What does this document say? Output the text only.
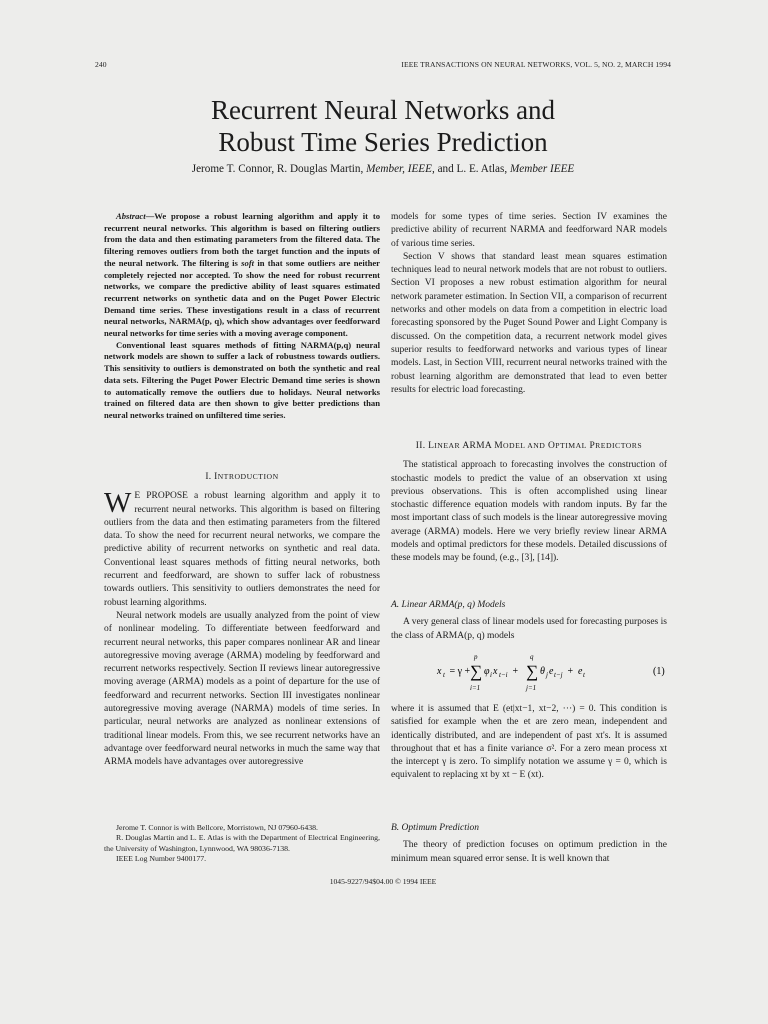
240	IEEE TRANSACTIONS ON NEURAL NETWORKS, VOL. 5, NO. 2, MARCH 1994
Recurrent Neural Networks and
Robust Time Series Prediction
Jerome T. Connor, R. Douglas Martin, Member, IEEE, and L. E. Atlas, Member IEEE

Abstract—We propose a robust learning algorithm and apply it to recurrent neural networks. This algorithm is based on filtering outliers from the data and then estimating parameters from the filtered data. The filtering removes outliers from both the target function and the inputs of the neural network. The filtering is soft in that some outliers are neither completely rejected nor accepted. To show the need for robust recurrent networks, we compare the predictive ability of least squares estimated recurrent networks on synthetic data and on the Puget Power Electric Demand time series. These investigations result in a class of recurrent neural networks, NARMA(p, q), which show advantages over feedforward neural networks for time series with a moving average component.

Conventional least squares methods of fitting NARMA(p,q) neural network models are shown to suffer a lack of robustness towards outliers. This sensitivity to outliers is demonstrated on both the synthetic and real data sets. Filtering the Puget Power Electric Demand time series is shown to automatically remove the outliers due to holidays. Neural networks trained on filtered data are then shown to give better predictions than neural networks trained on unfiltered time series.

I. INTRODUCTION

W E PROPOSE a robust learning algorithm and apply it to recurrent neural networks. This algorithm is based on filtering outliers from the data and then estimating parameters from the filtered data. To show the need for recurrent neural networks, we compare the predictive ability of recurrent networks on synthetic and real data. Conventional least squares methods of fitting neural networks, both recurrent and feedforward, are shown to suffer lack of robustness towards outliers. This sensitivity to outliers demonstrates the need for robust learning algorithms.

Neural network models are usually analyzed from the point of view of nonlinear modeling. To differentiate between feedforward and recurrent neural networks, this paper compares nonlinear AR and linear autoregressive moving average (ARMA) modeling by feedforward and recurrent networks respectively. Section II reviews linear autoregressive moving average (ARMA) models as a point of departure for the use of feedforward and recurrent networks. Section III investigates nonlinear autoregressive moving average (NARMA) models of time series. In particular, neural networks are analyzed as nonlinear extensions of traditional linear models. From this, we see recurrent networks have an advantage over feedforward neural networks in much the same way that ARMA models have advantages over autoregressive

Jerome T. Connor is with Bellcore, Morristown, NJ 07960-6438.

R. Douglas Martin and L. E. Atlas is with the Department of Electrical Engineering, the University of Washington, Lynnwood, WA 98036-7138.

IEEE Log Number 9400177.

models for some types of time series. Section IV examines the predictive ability of recurrent NARMA and feedforward NAR models of various time series.

Section V shows that standard least mean squares estimation techniques lead to neural network models that are not robust to outliers. Section VI proposes a new robust estimation algorithm for neural network parameter estimation. In Section VII, a comparison of recurrent networks and other models on data from a competition in electric load forecasting sponsored by the Puget Sound Power and Light Company is discussed. On the competition data, a recurrent network model gives superior results to feedforward networks and various types of linear models. Last, in Section VIII, recurrent neural networks trained with the robust learning algorithm are demonstrated that lead to even better results for electric load forecasting.

II. LINEAR ARMA MODEL AND OPTIMAL PREDICTORS

The statistical approach to forecasting involves the construction of stochastic models to predict the value of an observation xt using previous observations. This is often accomplished using linear stochastic difference equation models with random inputs. By far the most important class of such models is the linear autoregressive moving average (ARMA) models. Here we very briefly review linear ARMA models and optimal predictors for these models. Detailed discussions of these models may be found, (e.g., [3], [14]).

A. Linear ARMA(p, q) Models

A very general class of linear models used for forecasting purposes is the class of ARMA(p, q) models

x t = γ +
p
∑
i=1
φ i x t−i +
q
∑
j=1
θ j e t−j + e t	(1)

where it is assumed that E (et|xt−1, xt−2, ···) = 0. This condition is satisfied for example when the et are zero mean, independent and identically distributed, and are independent of past xt's. It is assumed throughout that et has a finite variance σ². For a zero mean process xt the intercept γ is zero. To simplify notation we assume γ = 0, which is equivalent to replacing xt by xt − E (xt).

B. Optimum Prediction

The theory of prediction focuses on optimum prediction in the minimum mean squared error sense. It is well known that

1045-9227/94$04.00 © 1994 IEEE
